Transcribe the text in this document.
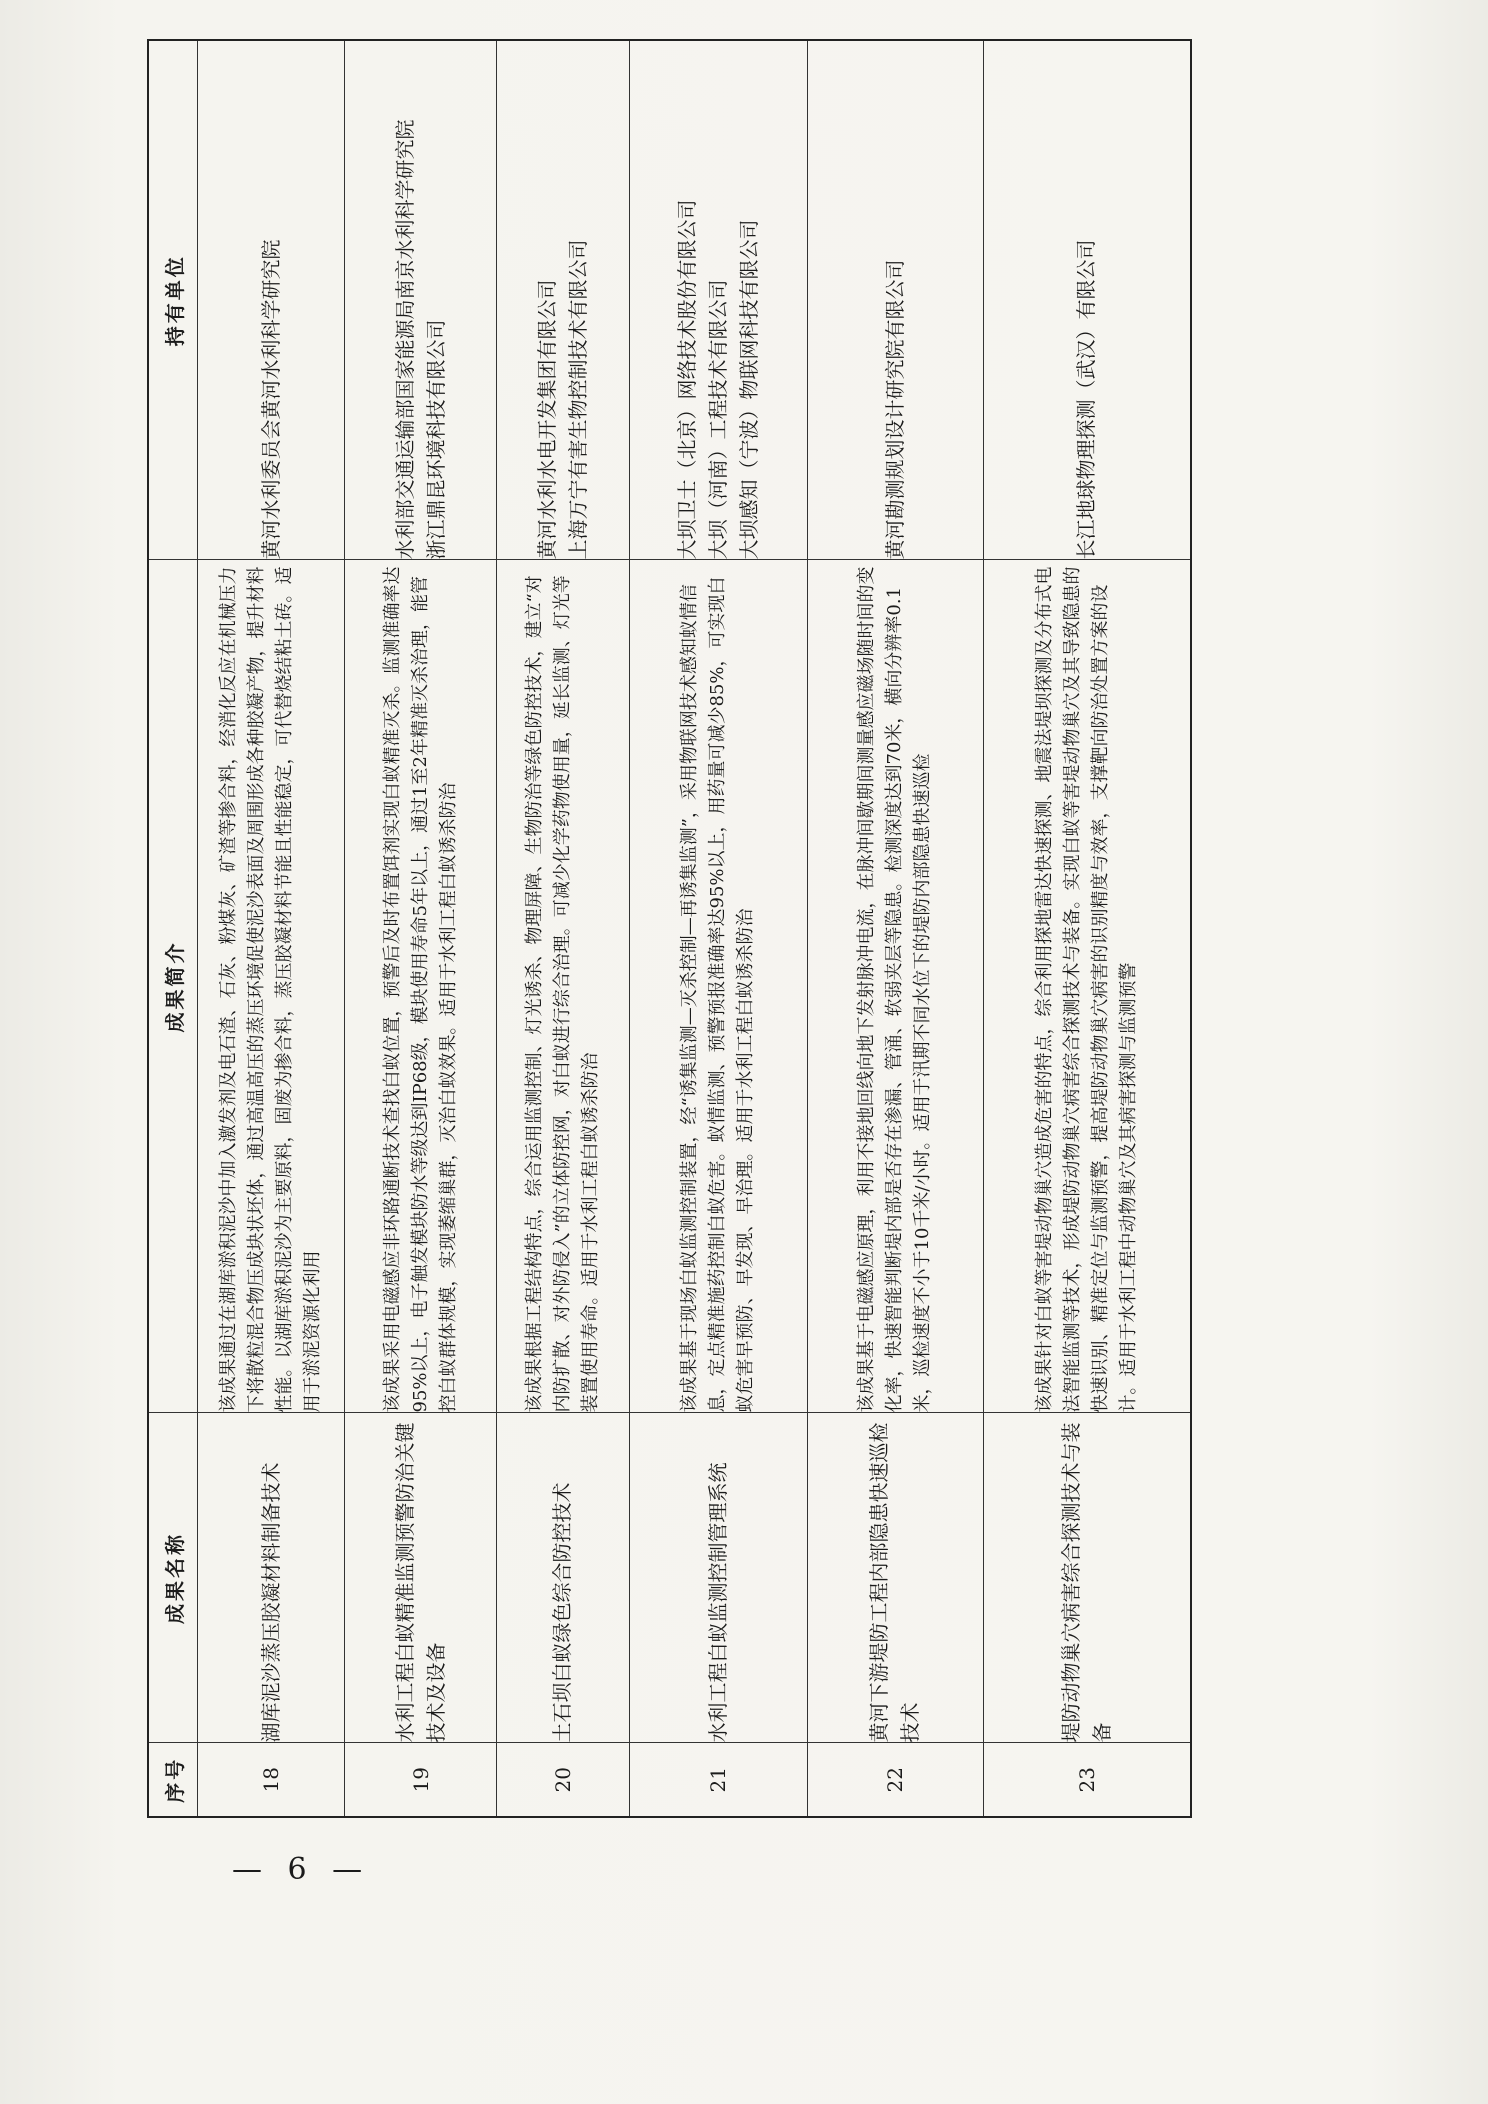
序号	成果名称	成果简介	持有单位
18	湖库泥沙蒸压胶凝材料制备技术	该成果通过在湖库淤积泥沙中加入激发剂及电石渣、石灰、粉煤灰、矿渣等掺合料，经消化反应在机械压力下将散粒混合物压成块状坯体，通过高温高压的蒸压环境促使泥沙表面及周围形成各种胶凝产物，提升材料性能。以湖库淤积泥沙为主要原料，固废为掺合料，蒸压胶凝材料节能且性能稳定，可代替烧结粘土砖。适用于淤泥资源化利用	黄河水利委员会黄河水利科学研究院
19	水利工程白蚁精准监测预警防治关键技术及设备	该成果采用电磁感应非环路通断技术查找白蚁位置，预警后及时布置饵剂实现白蚁精准灭杀。监测准确率达95%以上，电子触发模块防水等级达到IP68级，模块使用寿命5年以上，通过1至2年精准灭杀治理，能管控白蚁群体规模，实现萎缩巢群，灭治白蚁效果。适用于水利工程白蚁诱杀防治	水利部交通运输部国家能源局南京水利科学研究院
浙江鼎昆环境科技有限公司
20	土石坝白蚁绿色综合防控技术	该成果根据工程结构特点，综合运用监测控制、灯光诱杀、物理屏障、生物防治等绿色防控技术，建立“对内防扩散、对外防侵入”的立体防控网，对白蚁进行综合治理。可减少化学药物使用量，延长监测、灯光等装置使用寿命。适用于水利工程白蚁诱杀防治	黄河水利水电开发集团有限公司
上海万宁有害生物控制技术有限公司
21	水利工程白蚁监测控制管理系统	该成果基于现场白蚁监测控制装置，经“诱集监测—灭杀控制—再诱集监测”，采用物联网技术感知蚁情信息，定点精准施药控制白蚁危害。蚁情监测、预警预报准确率达95%以上，用药量可减少85%，可实现白蚁危害早预防、早发现、早治理。适用于水利工程白蚁诱杀防治	大坝卫士（北京）网络技术股份有限公司
大坝（河南）工程技术有限公司
大坝感知（宁波）物联网科技有限公司
22	黄河下游堤防工程内部隐患快速巡检技术	该成果基于电磁感应原理，利用不接地回线向地下发射脉冲电流，在脉冲间歇期间测量感应磁场随时间的变化率，快速智能判断堤内部是否存在渗漏、管涌、软弱夹层等隐患。检测深度达到70米，横向分辨率0.1米，巡检速度不小于10千米/小时。适用于汛期不同水位下的堤防内部隐患快速巡检	黄河勘测规划设计研究院有限公司
23	堤防动物巢穴病害综合探测技术与装备	该成果针对白蚁等害堤动物巢穴造成危害的特点，综合利用探地雷达快速探测、地震法堤坝探测及分布式电法智能监测等技术，形成堤防动物巢穴病害综合探测技术与装备。实现白蚁等害堤动物巢穴及其导致隐患的快速识别、精准定位与监测预警，提高堤防动物巢穴病害的识别精度与效率，支撑靶向防治处置方案的设计。适用于水利工程中动物巢穴及其病害探测与监测预警	长江地球物理探测（武汉）有限公司
— 6 —
